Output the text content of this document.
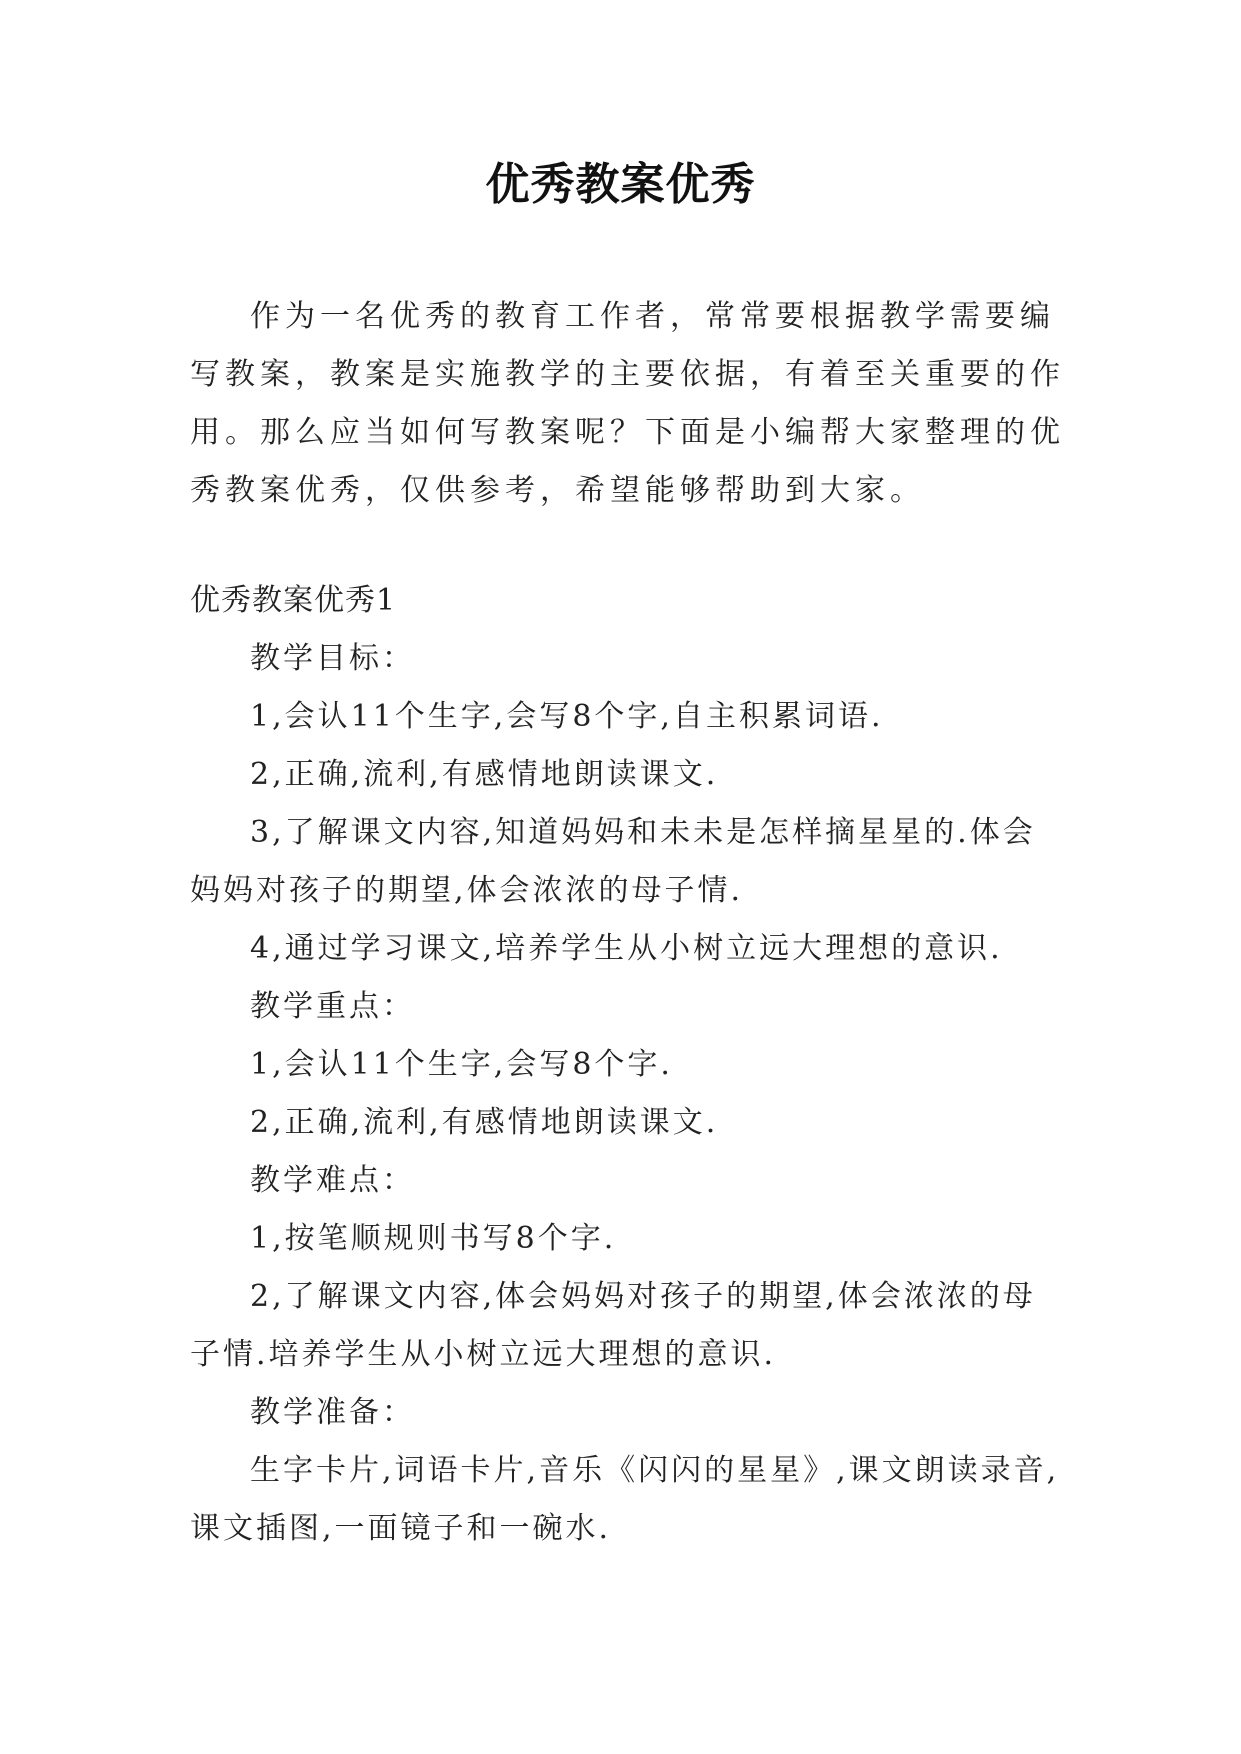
优秀教案优秀

作为一名优秀的教育工作者，常常要根据教学需要编写教案，教案是实施教学的主要依据，有着至关重要的作用。那么应当如何写教案呢？下面是小编帮大家整理的优秀教案优秀，仅供参考，希望能够帮助到大家。

优秀教案优秀1

教学目标：

1,会认11个生字,会写8个字,自主积累词语.

2,正确,流利,有感情地朗读课文.

3,了解课文内容,知道妈妈和未未是怎样摘星星的.体会妈妈对孩子的期望,体会浓浓的母子情.

4,通过学习课文,培养学生从小树立远大理想的意识.

教学重点：

1,会认11个生字,会写8个字.

2,正确,流利,有感情地朗读课文.

教学难点：

1,按笔顺规则书写8个字.

2,了解课文内容,体会妈妈对孩子的期望,体会浓浓的母子情.培养学生从小树立远大理想的意识.

教学准备：

生字卡片,词语卡片,音乐《闪闪的星星》,课文朗读录音,课文插图,一面镜子和一碗水.
